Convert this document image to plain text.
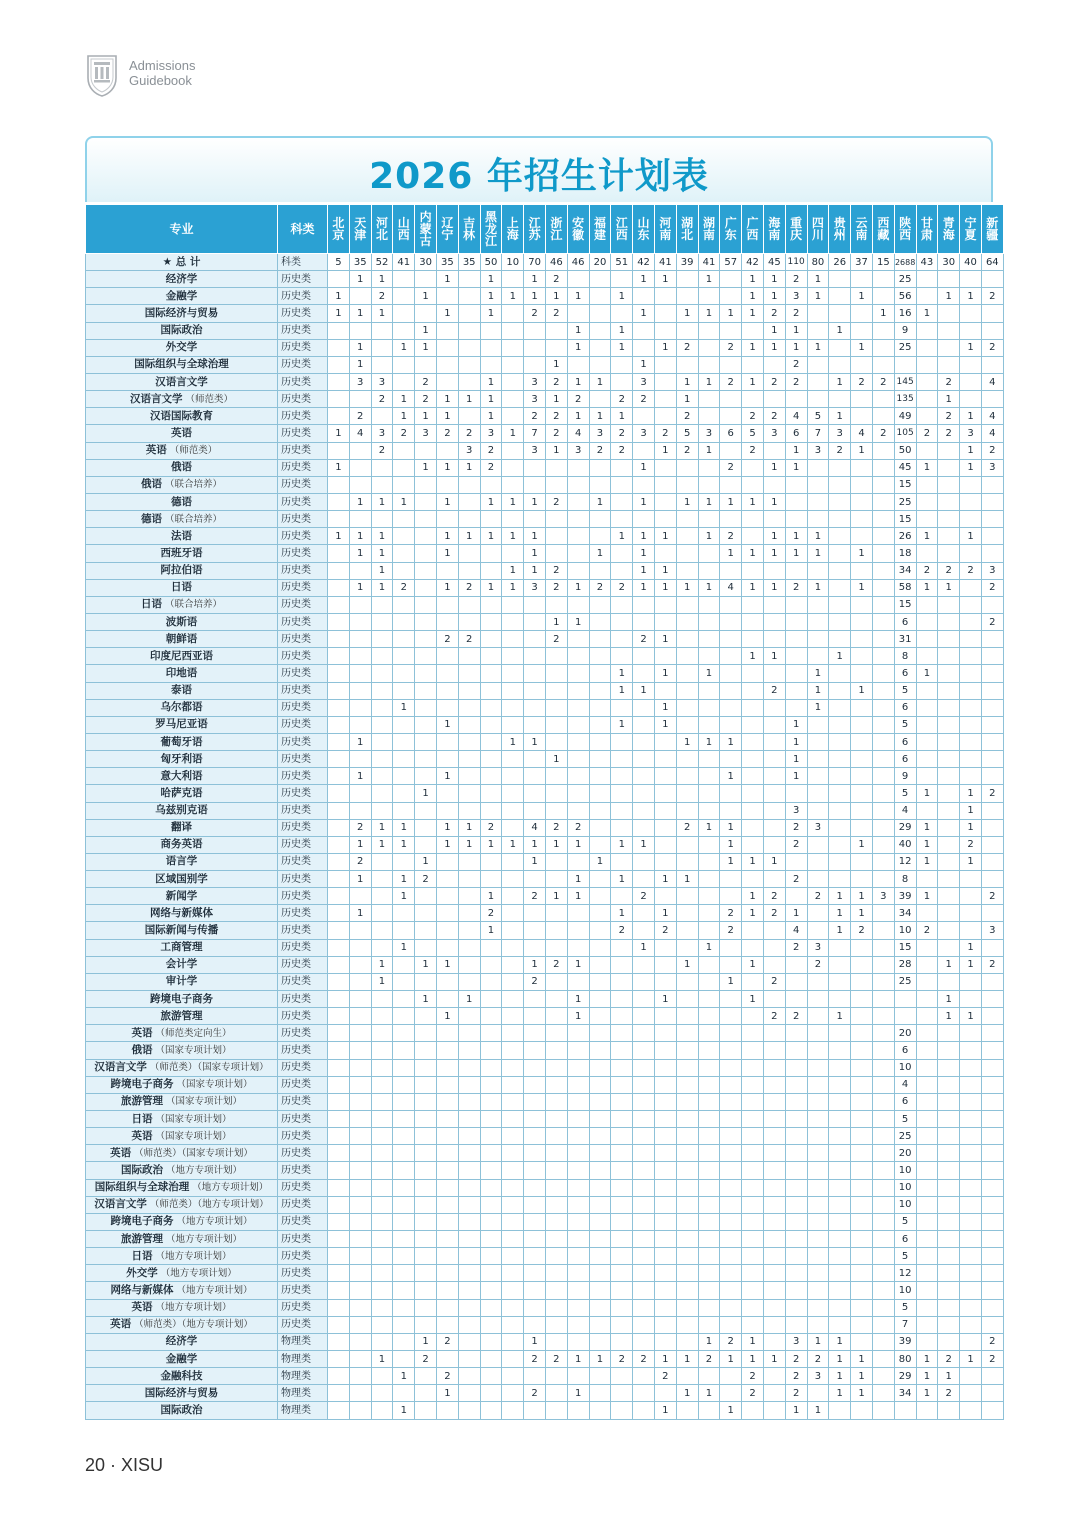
Admissions
Guidebook
2026 年招生计划表
专业	科类	北京	天津	河北	山西	内蒙古	辽宁	吉林	黑龙江	上海	江苏	浙江	安徽	福建	江西	山东	河南	湖北	湖南	广东	广西	海南	重庆	四川	贵州	云南	西藏	陕西	甘肃	青海	宁夏	新疆
★ 总 计	科类	5	35	52	41	30	35	35	50	10	70	46	46	20	51	42	41	39	41	57	42	45	110	80	26	37	15	2688	43	30	40	64
经济学	历史类		1	1			1		1		1	2				1	1		1		1	1	2	1				25				
金融学	历史类	1		2		1			1	1	1	1	1		1						1	1	3	1		1		56		1	1	2
国际经济与贸易	历史类	1	1	1			1		1		2	2				1		1	1	1	1	2	2				1	16	1			
国际政治	历史类					1							1		1							1	1		1			9				
外交学	历史类		1		1	1							1		1		1	2		2	1	1	1	1		1		25			1	2
国际组织与全球治理	历史类		1									1				1							2									
汉语言文学	历史类		3	3		2			1		3	2	1	1		3		1	1	2	1	2	2		1	2	2	145		2		4
汉语言文学 （师范类）	历史类			2	1	2	1	1	1		3	1	2		2	2		1										135		1		
汉语国际教育	历史类		2		1	1	1		1		2	2	1	1	1			2			2	2	4	5	1			49		2	1	4
英语	历史类	1	4	3	2	3	2	2	3	1	7	2	4	3	2	3	2	5	3	6	5	3	6	7	3	4	2	105	2	2	3	4
英语 （师范类）	历史类			2				3	2		3	1	3	2	2		1	2	1		2		1	3	2	1		50			1	2
俄语	历史类	1				1	1	1	2							1				2		1	1					45	1		1	3
俄语 （联合培养）	历史类																											15				
德语	历史类		1	1	1		1		1	1	1	2		1		1		1	1	1	1	1						25				
德语 （联合培养）	历史类																											15				
法语	历史类	1	1	1			1	1	1	1	1				1	1	1		1	2		1	1	1				26	1		1	
西班牙语	历史类		1	1			1				1			1		1				1	1	1	1	1		1		18				
阿拉伯语	历史类			1						1	1	2				1	1											34	2	2	2	3
日语	历史类		1	1	2		1	2	1	1	3	2	1	2	2	1	1	1	1	4	1	1	2	1		1		58	1	1		2
日语 （联合培养）	历史类																											15				
波斯语	历史类											1	1															6				2
朝鲜语	历史类						2	2				2				2	1											31				
印度尼西亚语	历史类																				1	1			1			8				
印地语	历史类														1		1		1					1				6	1			
泰语	历史类														1	1						2		1		1		5				
乌尔都语	历史类				1												1							1				6				
罗马尼亚语	历史类						1								1		1						1					5				
葡萄牙语	历史类		1							1	1							1	1	1			1					6				
匈牙利语	历史类											1											1					6				
意大利语	历史类		1				1													1			1					9				
哈萨克语	历史类					1																						5	1		1	2
乌兹别克语	历史类																						3					4			1	
翻译	历史类		2	1	1		1	1	2		4	2	2					2	1	1			2	3				29	1		1	
商务英语	历史类		1	1	1		1	1	1	1	1	1	1		1	1				1			2			1		40	1		2	
语言学	历史类		2			1					1			1						1	1	1						12	1		1	
区域国别学	历史类		1		1	2							1		1		1	1					2					8				
新闻学	历史类				1				1		2	1	1			2					1	2		2	1	1	3	39	1			2
网络与新媒体	历史类		1						2						1		1			2	1	2	1		1	1		34				
国际新闻与传播	历史类								1						2		2			2			4		1	2		10	2			3
工商管理	历史类				1											1			1				2	3				15			1	
会计学	历史类			1		1	1				1	2	1					1			1			2				28		1	1	2
审计学	历史类			1							2									1		2						25				
跨境电子商务	历史类					1		1					1				1				1									1		
旅游管理	历史类						1						1									2	2		1					1	1	
英语 （师范类定向生）	历史类																											20				
俄语 （国家专项计划）	历史类																											6				
汉语言文学 （师范类）（国家专项计划）	历史类																											10				
跨境电子商务 （国家专项计划）	历史类																											4				
旅游管理 （国家专项计划）	历史类																											6				
日语 （国家专项计划）	历史类																											5				
英语 （国家专项计划）	历史类																											25				
英语 （师范类）（国家专项计划）	历史类																											20				
国际政治 （地方专项计划）	历史类																											10				
国际组织与全球治理 （地方专项计划）	历史类																											10				
汉语言文学 （师范类）（地方专项计划）	历史类																											10				
跨境电子商务 （地方专项计划）	历史类																											5				
旅游管理 （地方专项计划）	历史类																											6				
日语 （地方专项计划）	历史类																											5				
外交学 （地方专项计划）	历史类																											12				
网络与新媒体 （地方专项计划）	历史类																											10				
英语 （地方专项计划）	历史类																											5				
英语 （师范类）（地方专项计划）	历史类																											7				
经济学	物理类					1	2				1								1	2	1		3	1	1			39				2
金融学	物理类			1		2					2	2	1	1	2	2	1	1	2	1	1	1	2	2	1	1		80	1	2	1	2
金融科技	物理类				1		2										2				2		2	3	1	1		29	1	1		
国际经济与贸易	物理类						1				2		1					1	1		2		2		1	1		34	1	2		
国际政治	物理类				1												1			1			1	1								
20 · XISU
